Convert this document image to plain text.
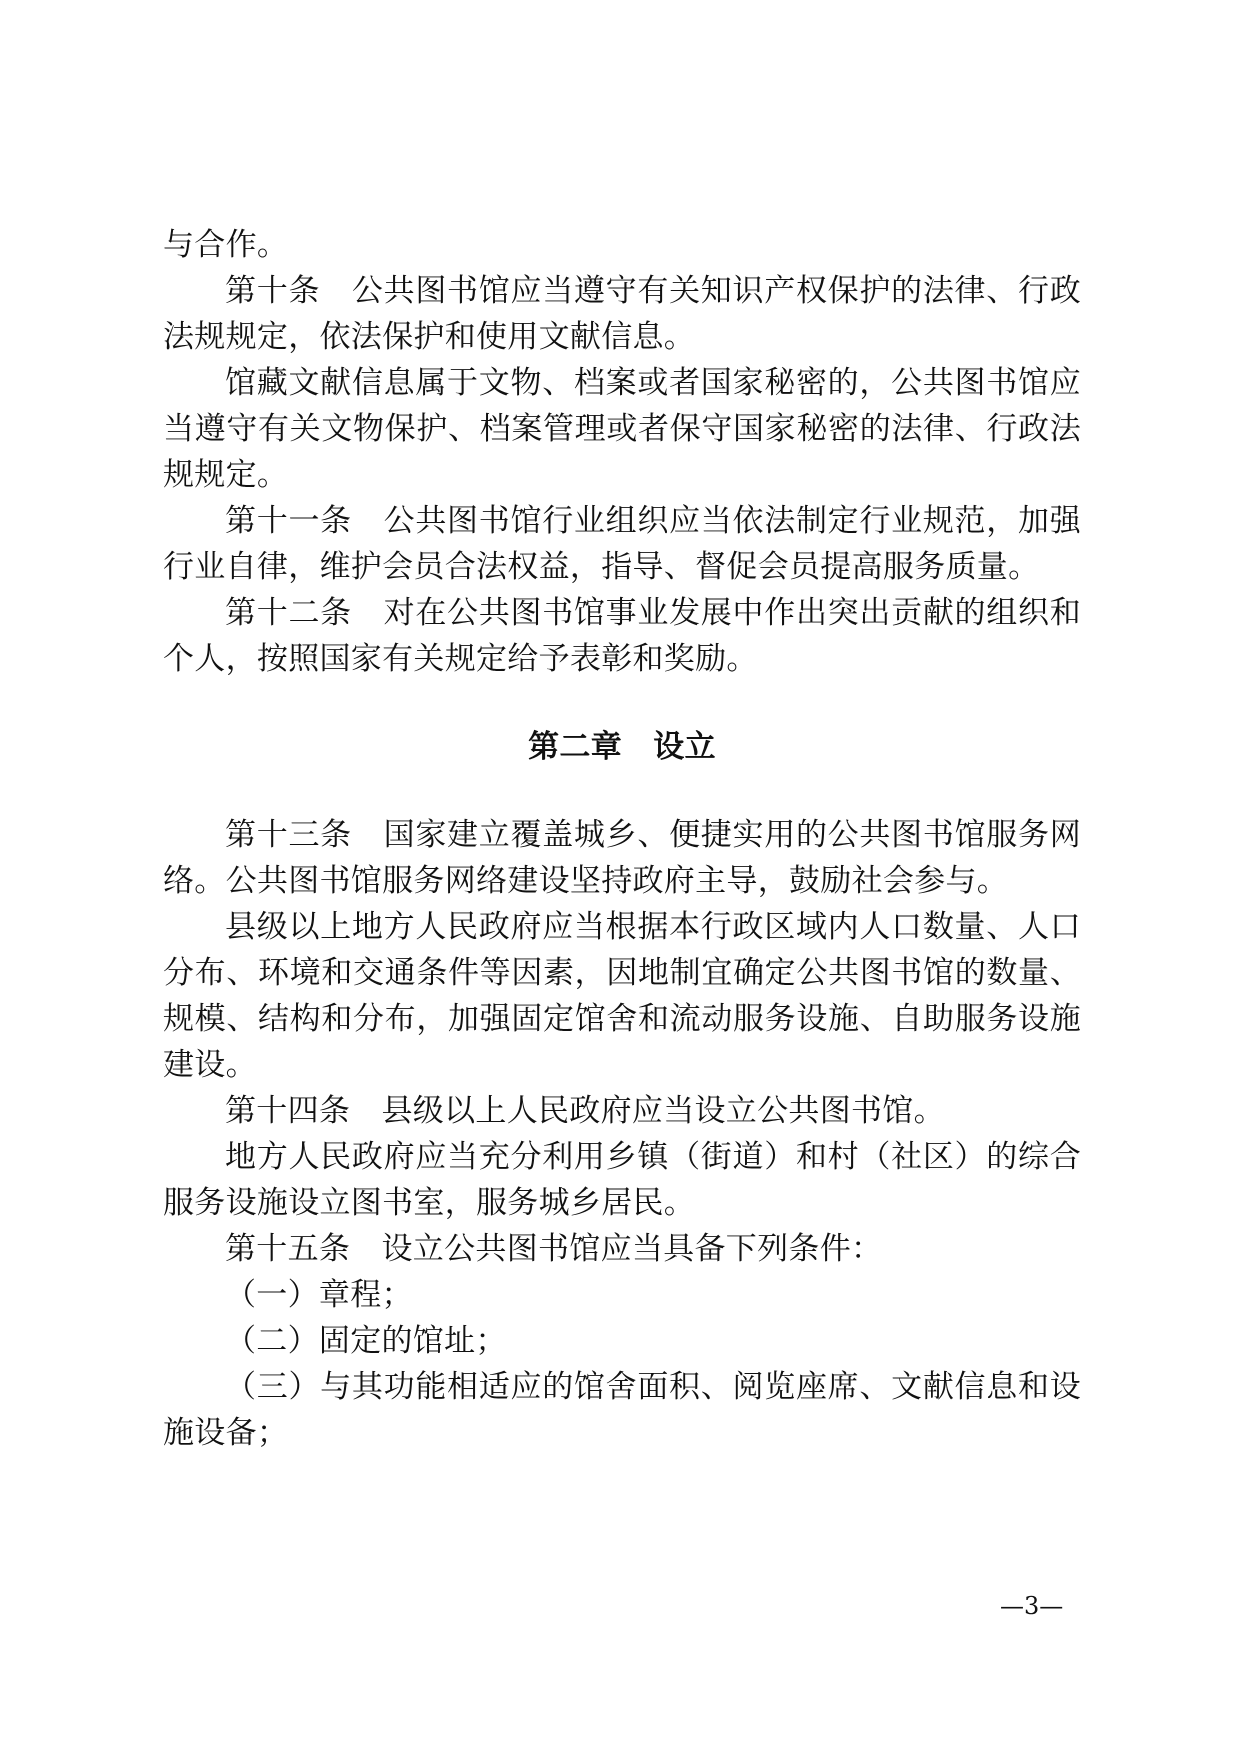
与合作。

第十条　公共图书馆应当遵守有关知识产权保护的法律、行政法规规定，依法保护和使用文献信息。

馆藏文献信息属于文物、档案或者国家秘密的，公共图书馆应当遵守有关文物保护、档案管理或者保守国家秘密的法律、行政法规规定。

第十一条　公共图书馆行业组织应当依法制定行业规范，加强行业自律，维护会员合法权益，指导、督促会员提高服务质量。

第十二条　对在公共图书馆事业发展中作出突出贡献的组织和个人，按照国家有关规定给予表彰和奖励。

第二章　设立

第十三条　国家建立覆盖城乡、便捷实用的公共图书馆服务网络。公共图书馆服务网络建设坚持政府主导，鼓励社会参与。

县级以上地方人民政府应当根据本行政区域内人口数量、人口分布、环境和交通条件等因素，因地制宜确定公共图书馆的数量、规模、结构和分布，加强固定馆舍和流动服务设施、自助服务设施建设。

第十四条　县级以上人民政府应当设立公共图书馆。

地方人民政府应当充分利用乡镇（街道）和村（社区）的综合服务设施设立图书室，服务城乡居民。

第十五条　设立公共图书馆应当具备下列条件：

（一）章程；

（二）固定的馆址；

（三）与其功能相适应的馆舍面积、阅览座席、文献信息和设施设备；

—3—
